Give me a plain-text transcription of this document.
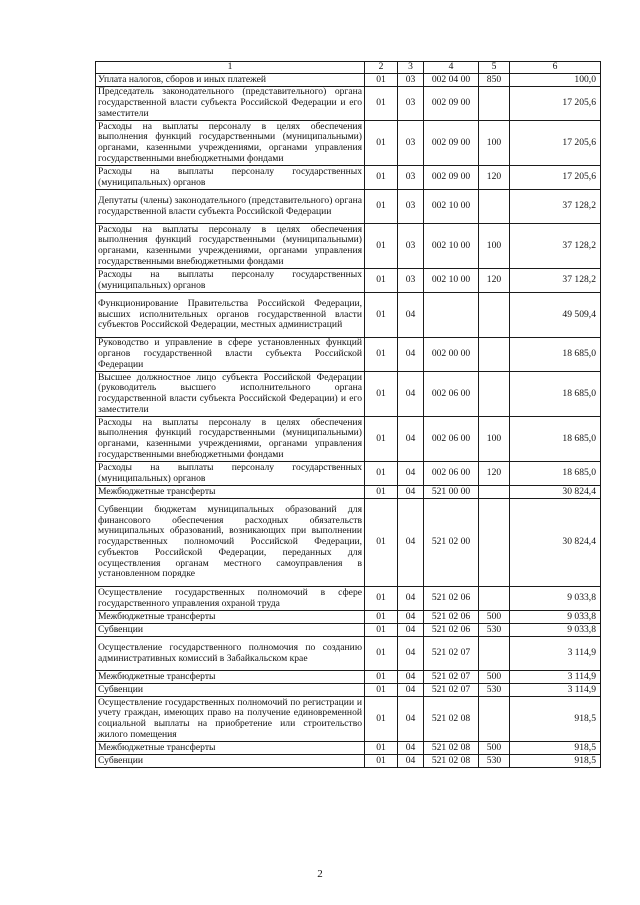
1	2	3	4	5	6
Уплата налогов, сборов и иных платежей	01	03	002 04 00	850	100,0
Председатель законодательного (представительного) органа государственной власти субъекта Российской Федерации и его заместители	01	03	002 09 00		17 205,6
Расходы на выплаты персоналу в целях обеспечения выполнения функций государственными (муниципальными) органами, казенными учреждениями, органами управления государственными внебюджетными фондами	01	03	002 09 00	100	17 205,6
Расходы на выплаты персоналу государственных (муниципальных) органов	01	03	002 09 00	120	17 205,6
Депутаты (члены) законодательного (представительного) органа государственной власти субъекта Российской Федерации	01	03	002 10 00		37 128,2
Расходы на выплаты персоналу в целях обеспечения выполнения функций государственными (муниципальными) органами, казенными учреждениями, органами управления государственными внебюджетными фондами	01	03	002 10 00	100	37 128,2
Расходы на выплаты персоналу государственных (муниципальных) органов	01	03	002 10 00	120	37 128,2
Функционирование Правительства Российской Федерации, высших исполнительных органов государственной власти субъектов Российской Федерации, местных администраций	01	04			49 509,4
Руководство и управление в сфере установленных функций органов государственной власти субъекта Российской Федерации	01	04	002 00 00		18 685,0
Высшее должностное лицо субъекта Российской Федерации (руководитель высшего исполнительного органа государственной власти субъекта Российской Федерации) и его заместители	01	04	002 06 00		18 685,0
Расходы на выплаты персоналу в целях обеспечения выполнения функций государственными (муниципальными) органами, казенными учреждениями, органами управления государственными внебюджетными фондами	01	04	002 06 00	100	18 685,0
Расходы на выплаты персоналу государственных (муниципальных) органов	01	04	002 06 00	120	18 685,0
Межбюджетные трансферты	01	04	521 00 00		30 824,4
Субвенции бюджетам муниципальных образований для финансового обеспечения расходных обязательств муниципальных образований, возникающих при выполнении государственных полномочий Российской Федерации, субъектов Российской Федерации, переданных для осуществления органам местного самоуправления в установленном порядке	01	04	521 02 00		30 824,4
Осуществление государственных полномочий в сфере государственного управления охраной труда	01	04	521 02 06		9 033,8
Межбюджетные трансферты	01	04	521 02 06	500	9 033,8
Субвенции	01	04	521 02 06	530	9 033,8
Осуществление государственного полномочия по созданию административных комиссий в Забайкальском крае	01	04	521 02 07		3 114,9
Межбюджетные трансферты	01	04	521 02 07	500	3 114,9
Субвенции	01	04	521 02 07	530	3 114,9
Осуществление государственных полномочий по регистрации и учету граждан, имеющих право на получение единовременной социальной выплаты на приобретение или строительство жилого помещения	01	04	521 02 08		918,5
Межбюджетные трансферты	01	04	521 02 08	500	918,5
Субвенции	01	04	521 02 08	530	918,5
2
